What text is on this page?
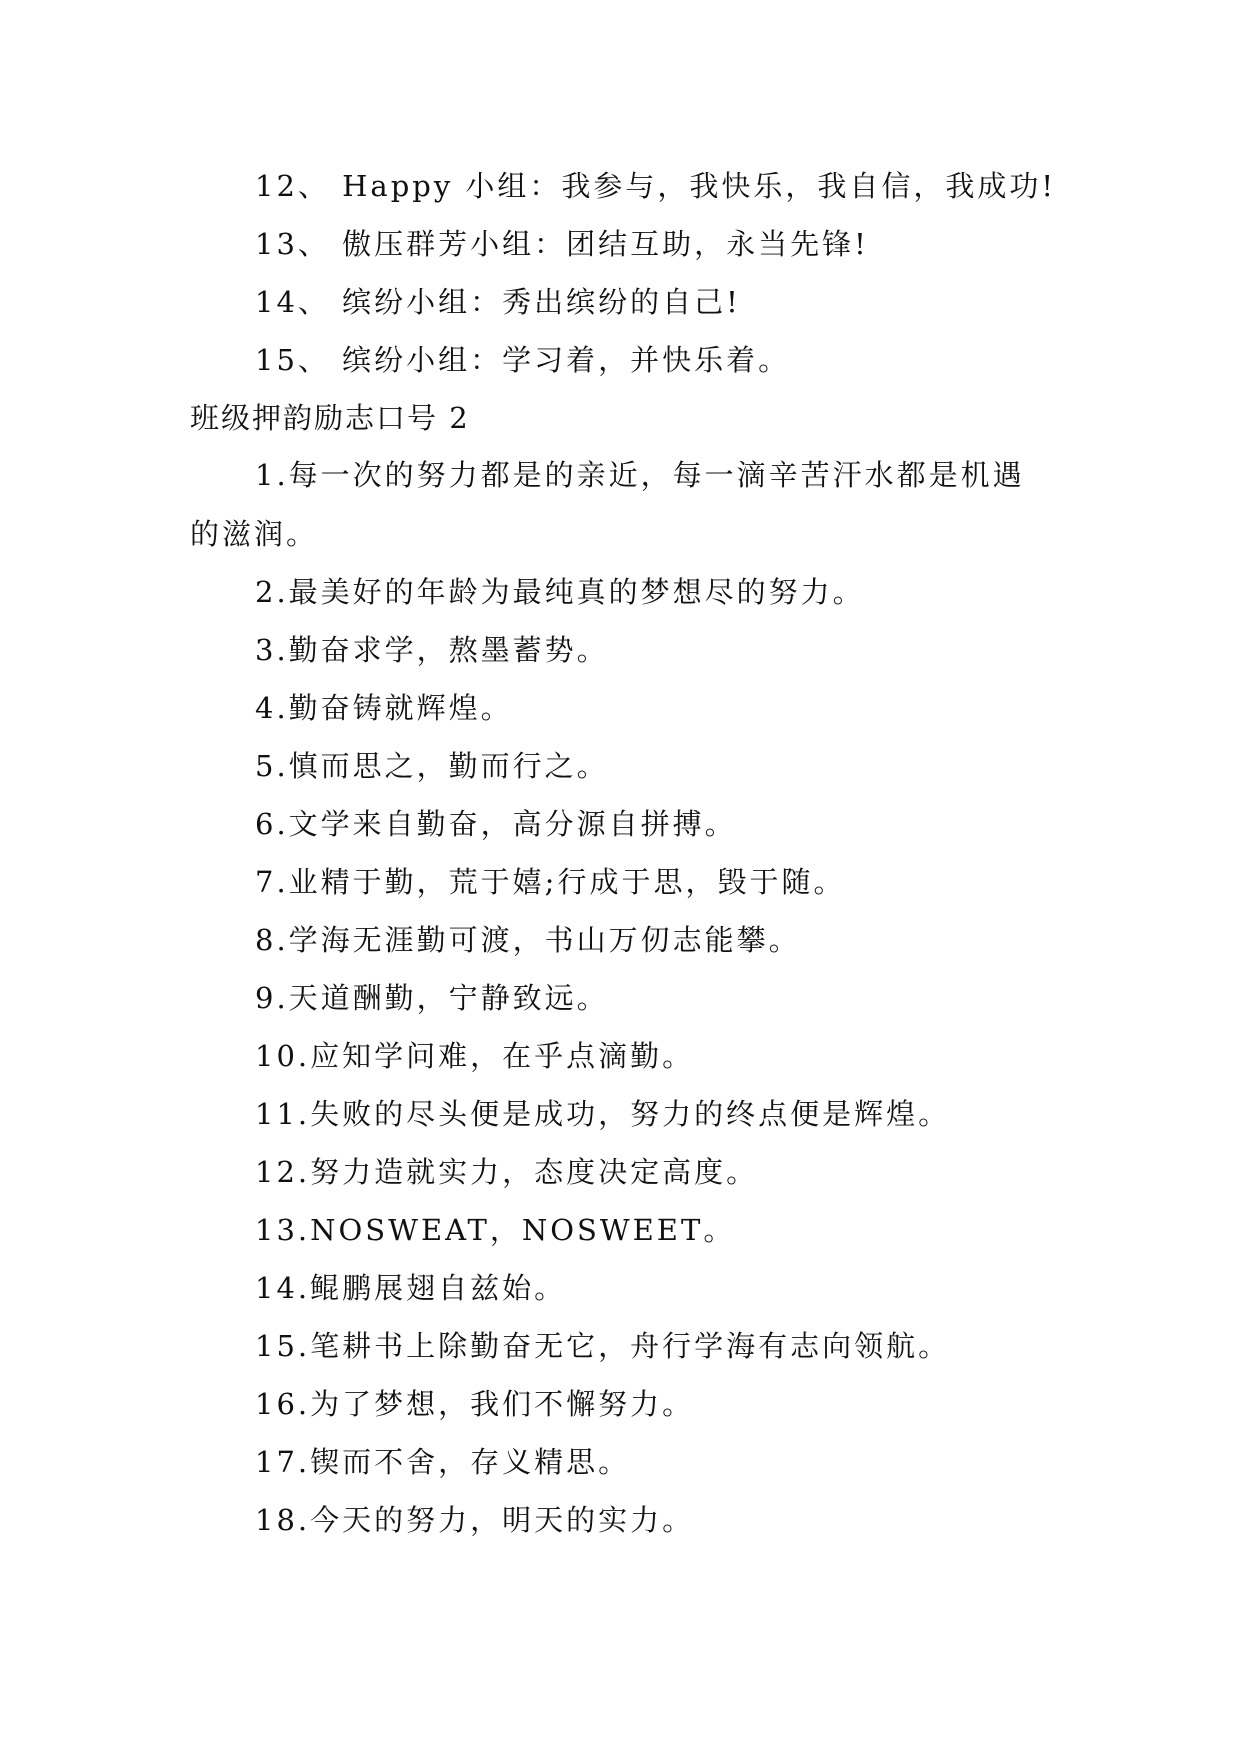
12、 Happy 小组：我参与，我快乐，我自信，我成功!
13、 傲压群芳小组：团结互助，永当先锋!
14、 缤纷小组：秀出缤纷的自己!
15、 缤纷小组：学习着，并快乐着。
班级押韵励志口号 2
1.每一次的努力都是的亲近，每一滴辛苦汗水都是机遇
的滋润。
2.最美好的年龄为最纯真的梦想尽的努力。
3.勤奋求学，熬墨蓄势。
4.勤奋铸就辉煌。
5.慎而思之，勤而行之。
6.文学来自勤奋，高分源自拼搏。
7.业精于勤，荒于嬉;行成于思，毁于随。
8.学海无涯勤可渡，书山万仞志能攀。
9.天道酬勤，宁静致远。
10.应知学问难，在乎点滴勤。
11.失败的尽头便是成功，努力的终点便是辉煌。
12.努力造就实力，态度决定高度。
13.NOSWEAT，NOSWEET。
14.鲲鹏展翅自兹始。
15.笔耕书上除勤奋无它，舟行学海有志向领航。
16.为了梦想，我们不懈努力。
17.锲而不舍，存义精思。
18.今天的努力，明天的实力。
